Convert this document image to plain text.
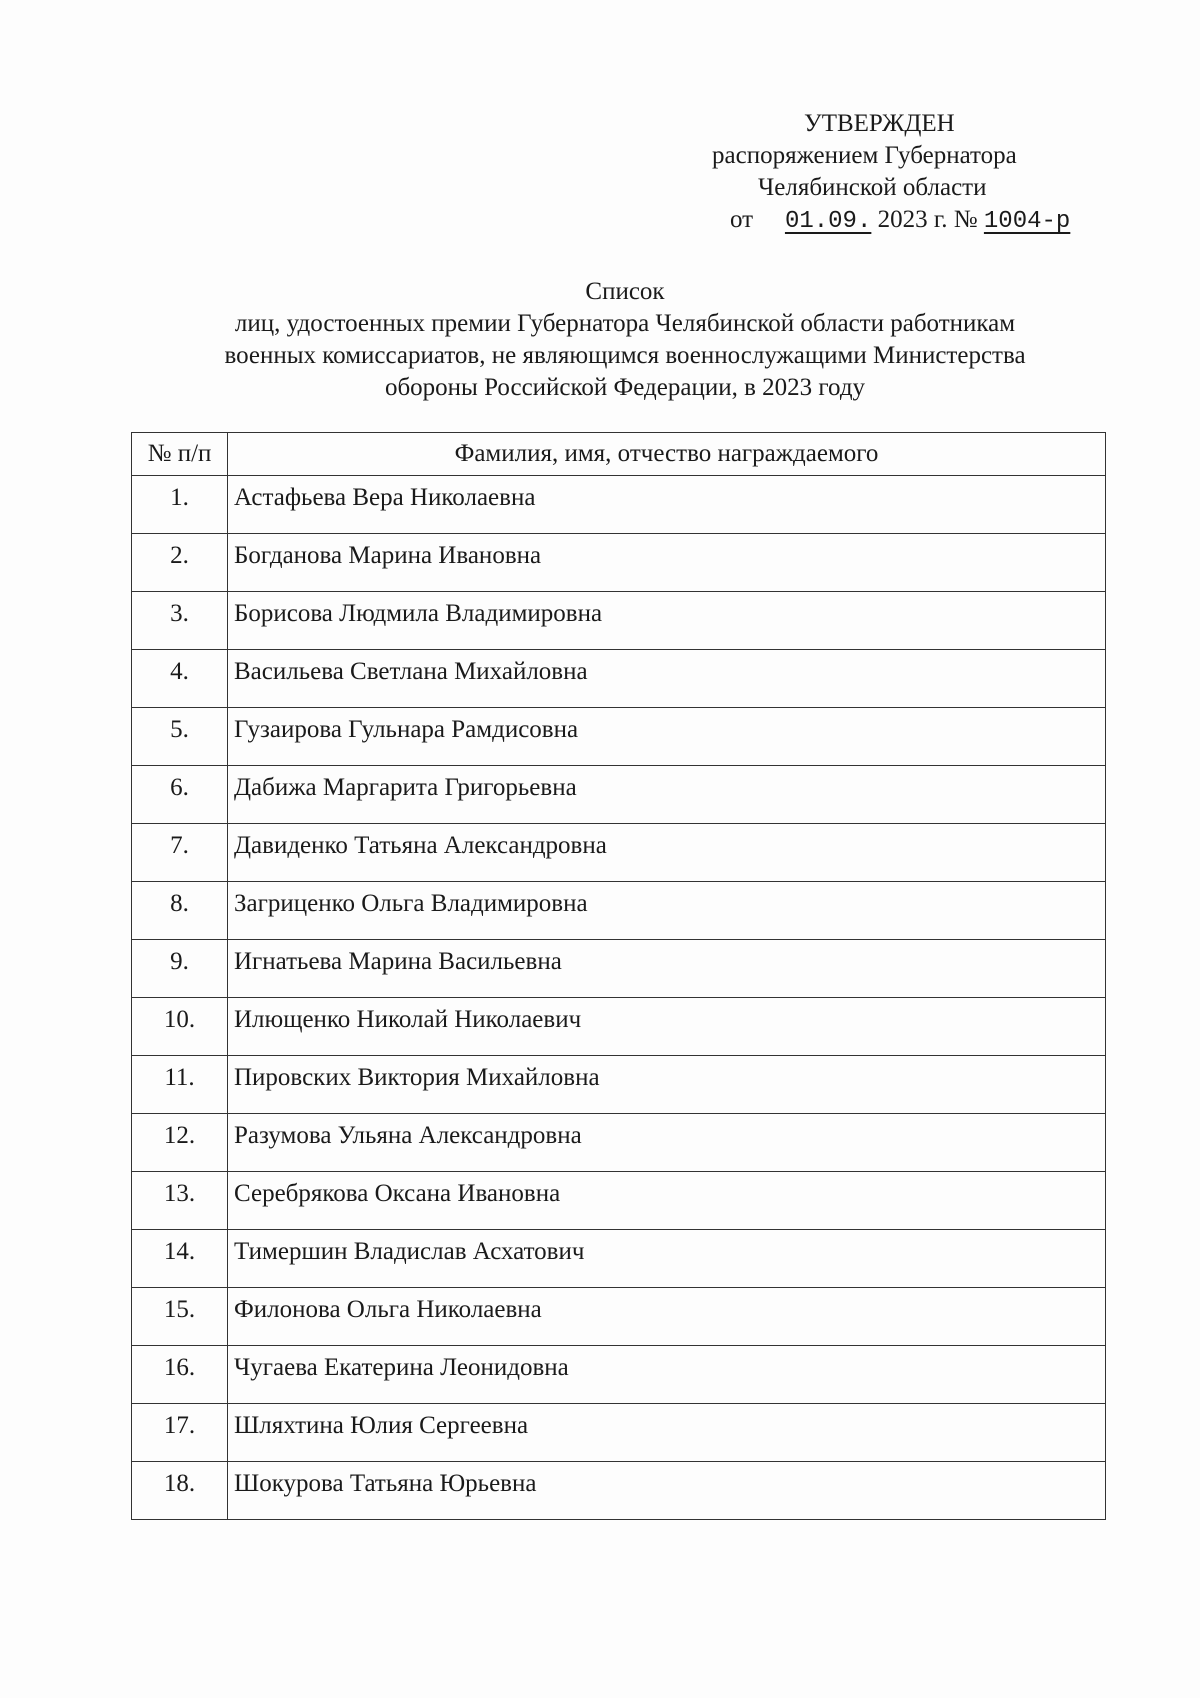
УТВЕРЖДЕН
распоряжением Губернатора
Челябинской области
от 01.09. 2023 г. № 1004-р
Список
лиц, удостоенных премии Губернатора Челябинской области работникам
военных комиссариатов, не являющимся военнослужащими Министерства
обороны Российской Федерации, в 2023 году
№ п/п	Фамилия, имя, отчество награждаемого
1.	Астафьева Вера Николаевна
2.	Богданова Марина Ивановна
3.	Борисова Людмила Владимировна
4.	Васильева Светлана Михайловна
5.	Гузаирова Гульнара Рамдисовна
6.	Дабижа Маргарита Григорьевна
7.	Давиденко Татьяна Александровна
8.	Загриценко Ольга Владимировна
9.	Игнатьева Марина Васильевна
10.	Илющенко Николай Николаевич
11.	Пировских Виктория Михайловна
12.	Разумова Ульяна Александровна
13.	Серебрякова Оксана Ивановна
14.	Тимершин Владислав Асхатович
15.	Филонова Ольга Николаевна
16.	Чугаева Екатерина Леонидовна
17.	Шляхтина Юлия Сергеевна
18.	Шокурова Татьяна Юрьевна
